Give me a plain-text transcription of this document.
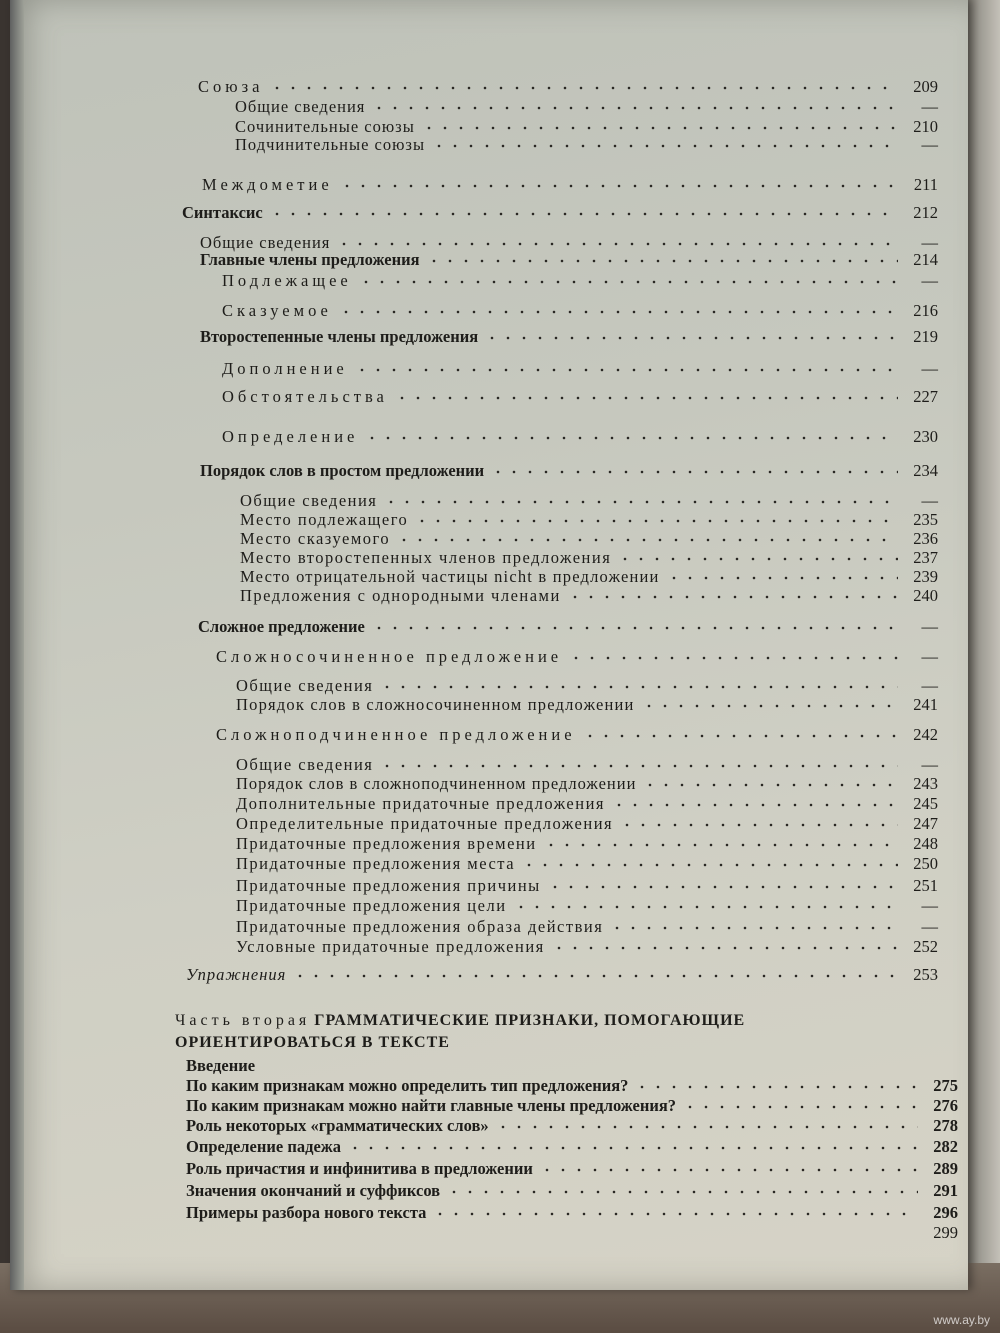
Союза	209
Общие сведения	—
Сочинительные союзы	210
Подчинительные союзы	—
Междометие	211
Синтаксис	212
Общие сведения	—
Главные члены предложения	214
Подлежащее	—
Сказуемое	216
Второстепенные члены предложения	219
Дополнение	—
Обстоятельства	227
Определение	230
Порядок слов в простом предложении	234
Общие сведения	—
Место подлежащего	235
Место сказуемого	236
Место второстепенных членов предложения	237
Место отрицательной частицы nicht в предложении	239
Предложения с однородными членами	240
Сложное предложение	—
Сложносочиненное предложение	—
Общие сведения	—
Порядок слов в сложносочиненном предложении	241
Сложноподчиненное предложение	242
Общие сведения	—
Порядок слов в сложноподчиненном предложении	243
Дополнительные придаточные предложения	245
Определительные придаточные предложения	247
Придаточные предложения времени	248
Придаточные предложения места	250
Придаточные предложения причины	251
Придаточные предложения цели	—
Придаточные предложения образа действия	—
Условные придаточные предложения	252
Упражнения	253
Часть вторая ГРАММАТИЧЕСКИЕ ПРИЗНАКИ, ПОМОГАЮЩИЕ ОРИЕНТИРОВАТЬСЯ В ТЕКСТЕ
Введение
По каким признакам можно определить тип предложения?	275
По каким признакам можно найти главные члены предложения?	276
Роль некоторых «грамматических слов»	278
Определение падежа	282
Роль причастия и инфинитива в предложении	289
Значения окончаний и суффиксов	291
Примеры разбора нового текста	296
299
www.ay.by
